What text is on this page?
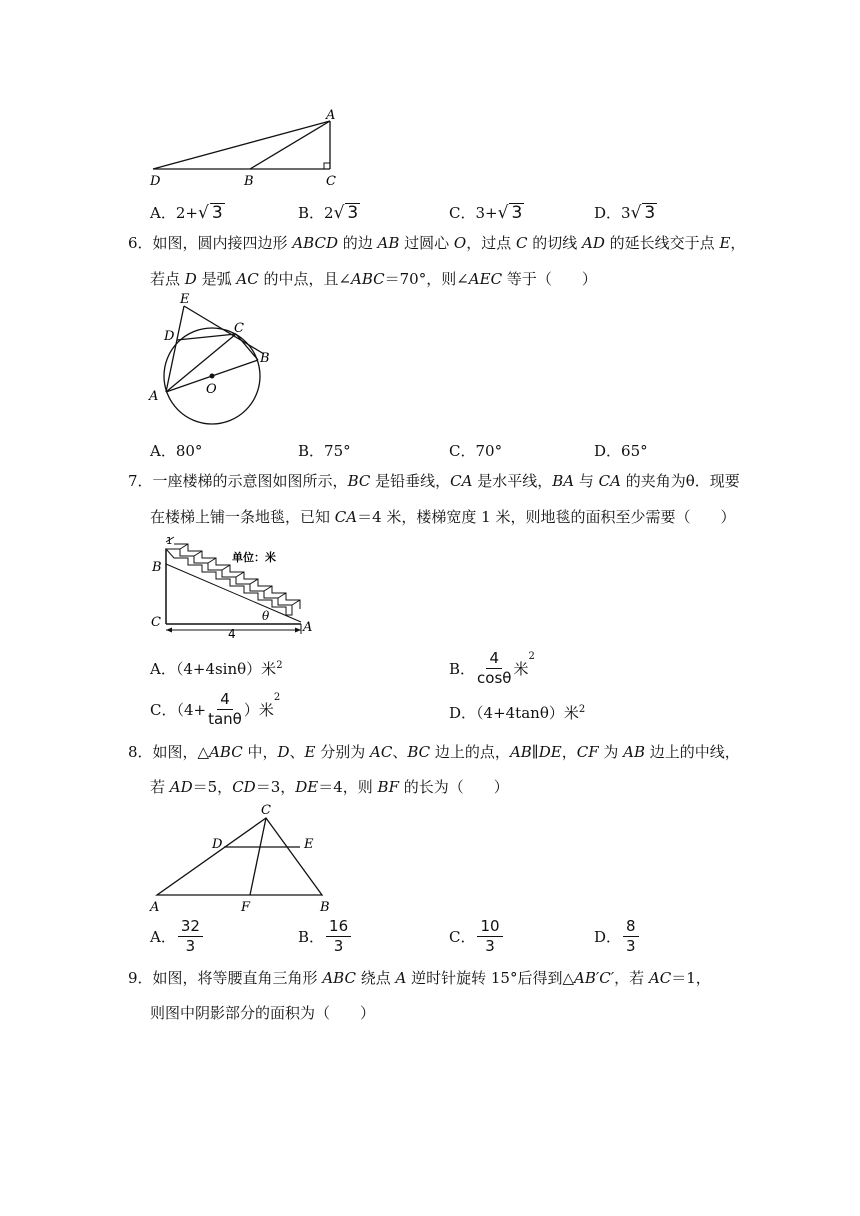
A
D	B	C
A．2+√ 3	B．2√ 3	C．3+√ 3	D．3√ 3
6．如图，圆内接四边形 ABCD 的边 AB 过圆心 O，过点 C 的切线 AD 的延长线交于点 E，
若点 D 是弧 AC 的中点，且∠ABC＝70°，则∠AEC 等于（　　）
E
D
C
B
A	O
A．80°	B．75°	C．70°	D．65°
7．一座楼梯的示意图如图所示，BC 是铅垂线，CA 是水平线，BA 与 CA 的夹角为θ．现要
在楼梯上铺一条地毯，已知 CA＝4 米，楼梯宽度 1 米，则地毯的面积至少需要（　　）
1
B
C	A
4
θ
单位：米
A．（4+4sinθ）米$^2$	B． $\frac{4}{\cos\theta}$ 米
$^2$
C．（$4+ \frac{4}{\tan\theta}$ ）米
$^2$
D．（4+4tanθ）米$^2$
8．如图，△ABC 中，D、E 分别为 AC、BC 边上的点，AB∥DE，CF 为 AB 边上的中线，
若 AD＝5，CD＝3，DE＝4，则 BF 的长为（　　）
C
D	E
A	F	B
A． $\frac{32}{3}$	B． $\frac{16}{3}$	C． $\frac{10}{3}$	D． $\frac{8}{3}$
9．如图，将等腰直角三角形 ABC 绕点 A 逆时针旋转 15°后得到△AB′C′，若 AC＝1，
则图中阴影部分的面积为（　　）
